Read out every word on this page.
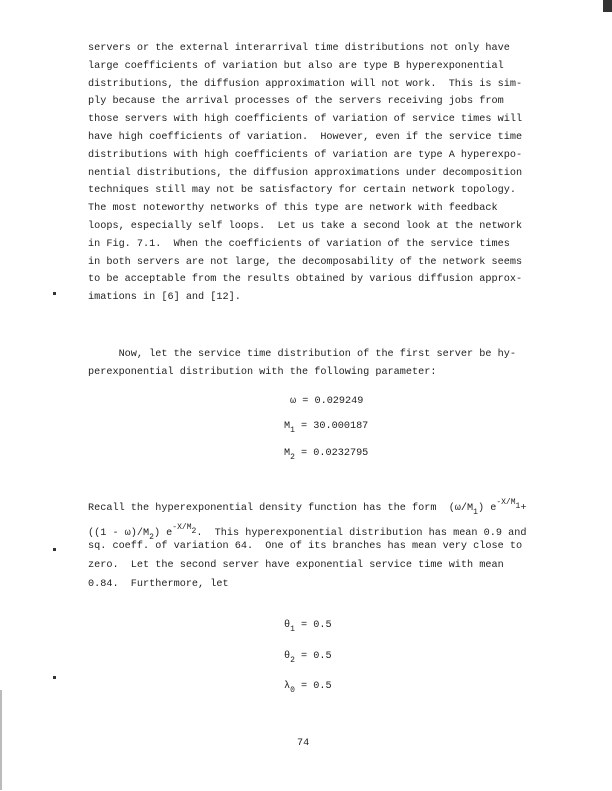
servers or the external interarrival time distributions not only have
large coefficients of variation but also are type B hyperexponential
distributions, the diffusion approximation will not work.  This is sim-
ply because the arrival processes of the servers receiving jobs from
those servers with high coefficients of variation of service times will
have high coefficients of variation.  However, even if the service time
distributions with high coefficients of variation are type A hyperexpo-
nential distributions, the diffusion approximations under decomposition
techniques still may not be satisfactory for certain network topology.
The most noteworthy networks of this type are network with feedback
loops, especially self loops.  Let us take a second look at the network
in Fig. 7.1.  When the coefficients of variation of the service times
in both servers are not large, the decomposability of the network seems
to be acceptable from the results obtained by various diffusion approx-
imations in [6] and [12].
Now, let the service time distribution of the first server be hy-
perexponential distribution with the following parameter:
sq. coeff. of variation 64.  One of its branches has mean very close to
zero.  Let the second server have exponential service time with mean
0.84.  Furthermore, let
ω = 0.029249
$M_1 = 30.000187$
$M_2 = 0.0232795$
$\theta_1 = 0.5$
$\theta_2 = 0.5$
$\lambda_0 = 0.5$
Recall the hyperexponential density function has the form  $(\omega/M_1)$ $e^{-X/M_1}+$
$((1 - \omega)/M_2)$ $e^{-X/M_2}$.  This hyperexponential distribution has mean 0.9 and
74
